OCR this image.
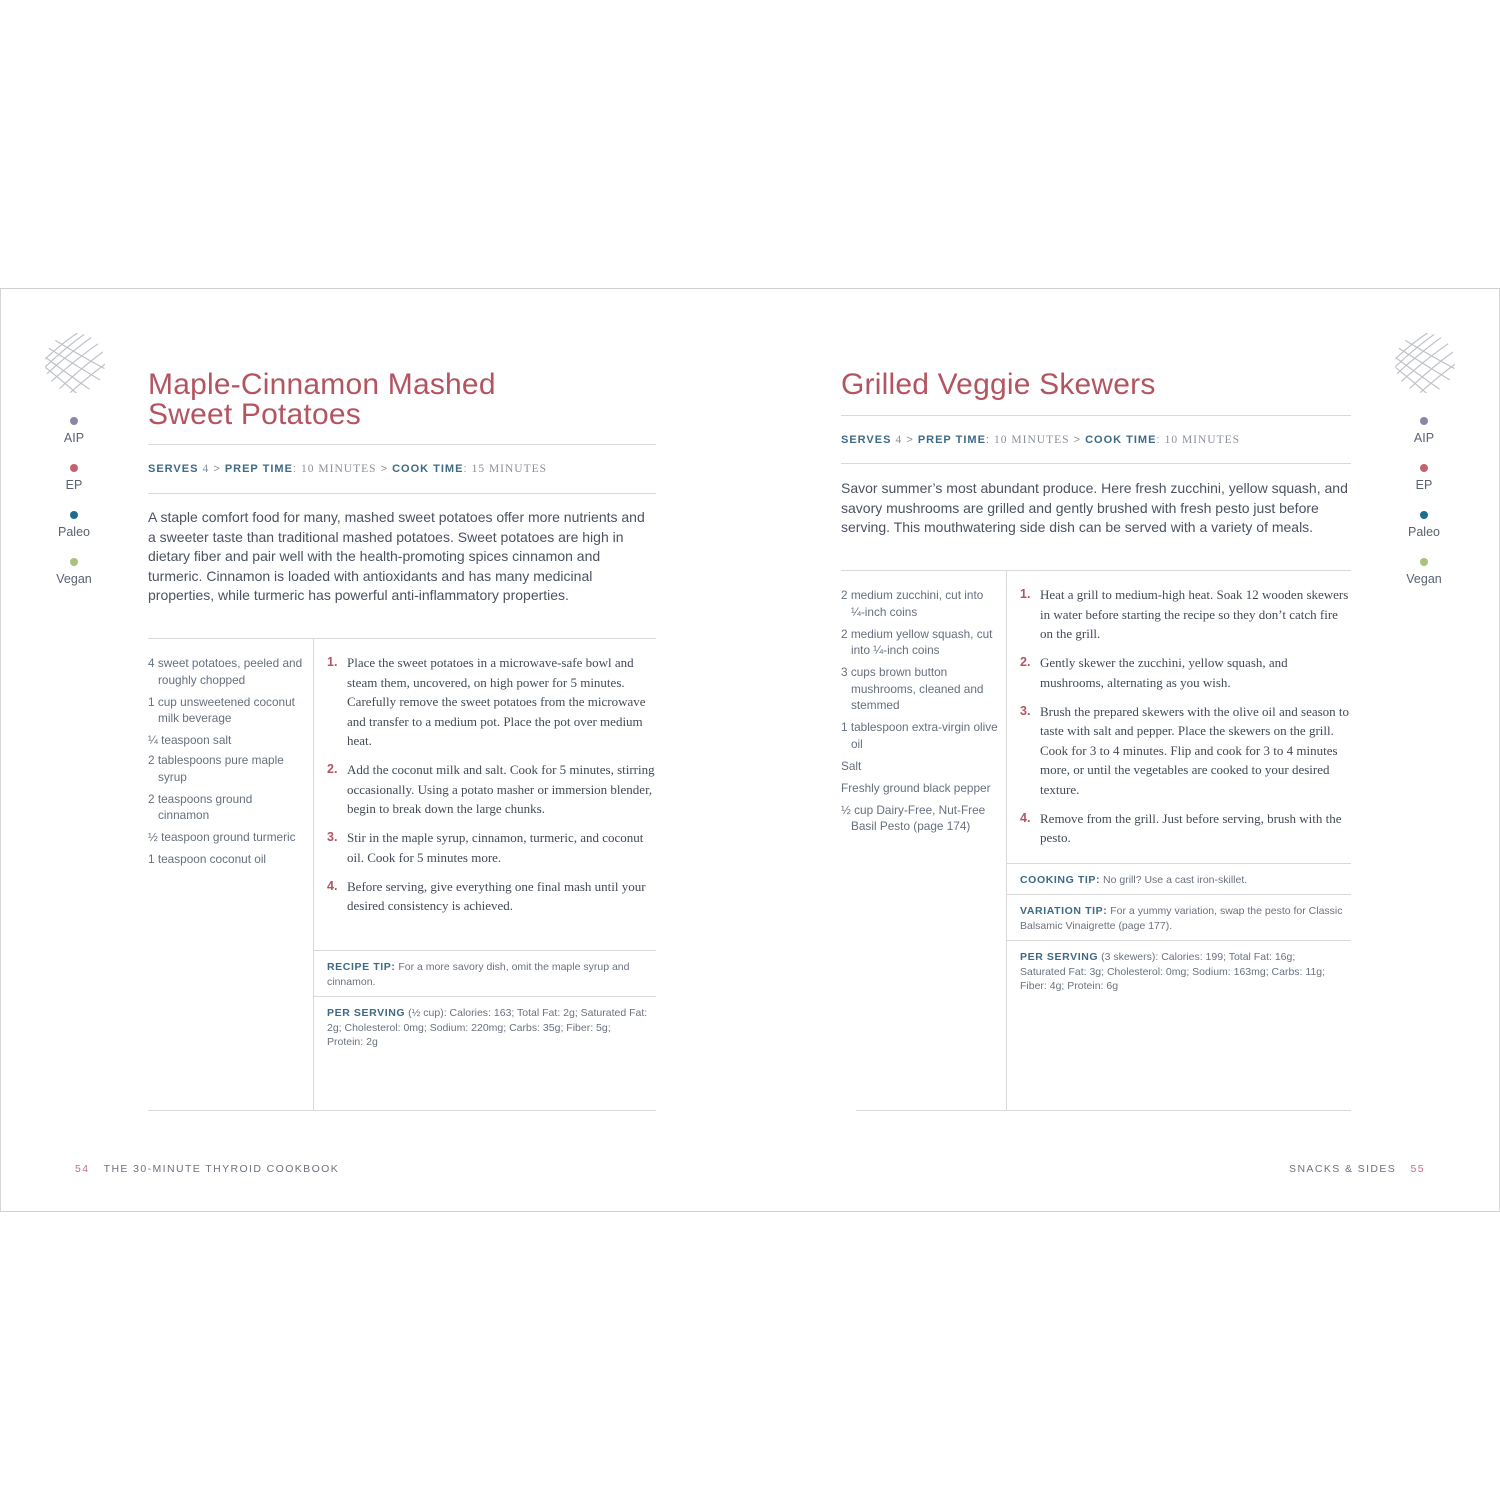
AIP
EP
Paleo
Vegan
AIP
EP
Paleo
Vegan
Maple-Cinnamon Mashed
Sweet Potatoes
SERVES 4 > PREP TIME: 10 MINUTES > COOK TIME: 15 MINUTES

A staple comfort food for many, mashed sweet potatoes offer more nutrients and a sweeter taste than traditional mashed potatoes. Sweet potatoes are high in dietary fiber and pair well with the health-promoting spices cinnamon and turmeric. Cinnamon is loaded with antioxidants and has many medicinal properties, while turmeric has powerful anti-inflammatory properties.

4 sweet potatoes, peeled and roughly chopped
1 cup unsweetened coconut milk beverage
¼ teaspoon salt
2 tablespoons pure maple syrup
2 teaspoons ground cinnamon
½ teaspoon ground turmeric
1 teaspoon coconut oil
1. Place the sweet potatoes in a microwave-safe bowl and steam them, uncovered, on high power for 5 minutes. Carefully remove the sweet potatoes from the microwave and transfer to a medium pot. Place the pot over medium heat.
2. Add the coconut milk and salt. Cook for 5 minutes, stirring occasionally. Using a potato masher or immersion blender, begin to break down the large chunks.
3. Stir in the maple syrup, cinnamon, turmeric, and coconut oil. Cook for 5 minutes more.
4. Before serving, give everything one final mash until your desired consistency is achieved.

RECIPE TIP: For a more savory dish, omit the maple syrup and cinnamon.

PER SERVING (½ cup): Calories: 163; Total Fat: 2g; Saturated Fat: 2g; Cholesterol: 0mg; Sodium: 220mg; Carbs: 35g; Fiber: 5g; Protein: 2g

Grilled Veggie Skewers
SERVES 4 > PREP TIME: 10 MINUTES > COOK TIME: 10 MINUTES

Savor summer’s most abundant produce. Here fresh zucchini, yellow squash, and savory mushrooms are grilled and gently brushed with fresh pesto just before serving. This mouthwatering side dish can be served with a variety of meals.

2 medium zucchini, cut into ¼-inch coins
2 medium yellow squash, cut into ¼-inch coins
3 cups brown button mushrooms, cleaned and stemmed
1 tablespoon extra-virgin olive oil
Salt
Freshly ground black pepper
½ cup Dairy-Free, Nut-Free Basil Pesto (page 174)
1. Heat a grill to medium-high heat. Soak 12 wooden skewers in water before starting the recipe so they don’t catch fire on the grill.
2. Gently skewer the zucchini, yellow squash, and mushrooms, alternating as you wish.
3. Brush the prepared skewers with the olive oil and season to taste with salt and pepper. Place the skewers on the grill. Cook for 3 to 4 minutes. Flip and cook for 3 to 4 minutes more, or until the vegetables are cooked to your desired texture.
4. Remove from the grill. Just before serving, brush with the pesto.

COOKING TIP: No grill? Use a cast iron-skillet.

VARIATION TIP: For a yummy variation, swap the pesto for Classic Balsamic Vinaigrette (page 177).

PER SERVING (3 skewers): Calories: 199; Total Fat: 16g; Saturated Fat: 3g; Cholesterol: 0mg; Sodium: 163mg; Carbs: 11g; Fiber: 4g; Protein: 6g

54 THE 30-MINUTE THYROID COOKBOOK	SNACKS & SIDES 55
